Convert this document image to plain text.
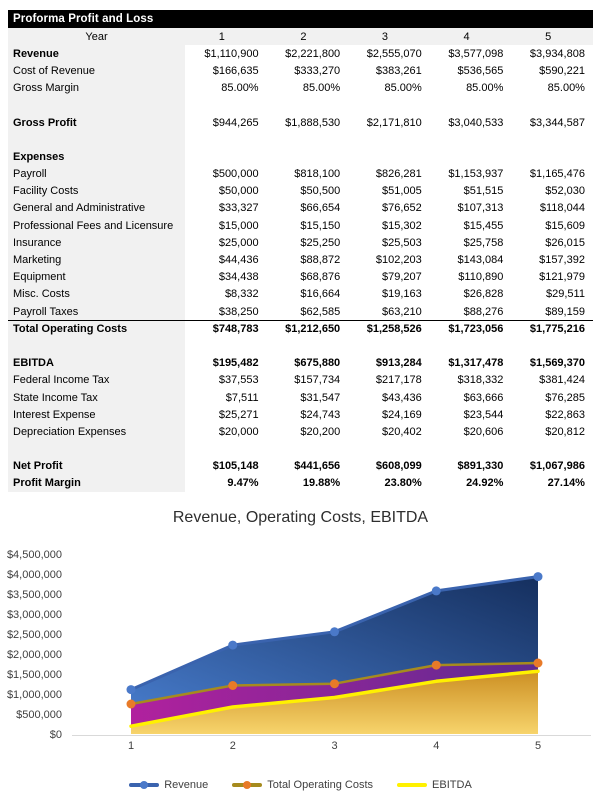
Proforma Profit and Loss
Year	1	2	3	4	5
Revenue	$1,110,900	$2,221,800	$2,555,070	$3,577,098	$3,934,808
Cost of Revenue	$166,635	$333,270	$383,261	$536,565	$590,221
Gross Margin	85.00%	85.00%	85.00%	85.00%	85.00%
Gross Profit	$944,265	$1,888,530	$2,171,810	$3,040,533	$3,344,587
Expenses
Payroll	$500,000	$818,100	$826,281	$1,153,937	$1,165,476
Facility Costs	$50,000	$50,500	$51,005	$51,515	$52,030
General and Administrative	$33,327	$66,654	$76,652	$107,313	$118,044
Professional Fees and Licensure	$15,000	$15,150	$15,302	$15,455	$15,609
Insurance	$25,000	$25,250	$25,503	$25,758	$26,015
Marketing	$44,436	$88,872	$102,203	$143,084	$157,392
Equipment	$34,438	$68,876	$79,207	$110,890	$121,979
Misc. Costs	$8,332	$16,664	$19,163	$26,828	$29,511
Payroll Taxes	$38,250	$62,585	$63,210	$88,276	$89,159
Total Operating Costs	$748,783	$1,212,650	$1,258,526	$1,723,056	$1,775,216
EBITDA	$195,482	$675,880	$913,284	$1,317,478	$1,569,370
Federal Income Tax	$37,553	$157,734	$217,178	$318,332	$381,424
State Income Tax	$7,511	$31,547	$43,436	$63,666	$76,285
Interest Expense	$25,271	$24,743	$24,169	$23,544	$22,863
Depreciation Expenses	$20,000	$20,200	$20,402	$20,606	$20,812
Net Profit	$105,148	$441,656	$608,099	$891,330	$1,067,986
Profit Margin	9.47%	19.88%	23.80%	24.92%	27.14%
Revenue, Operating Costs, EBITDA
$0
$500,000
$1,000,000
$1,500,000
$2,000,000
$2,500,000
$3,000,000
$3,500,000
$4,000,000
$4,500,000
1	2	3	4	5
Revenue	Total Operating Costs	EBITDA
